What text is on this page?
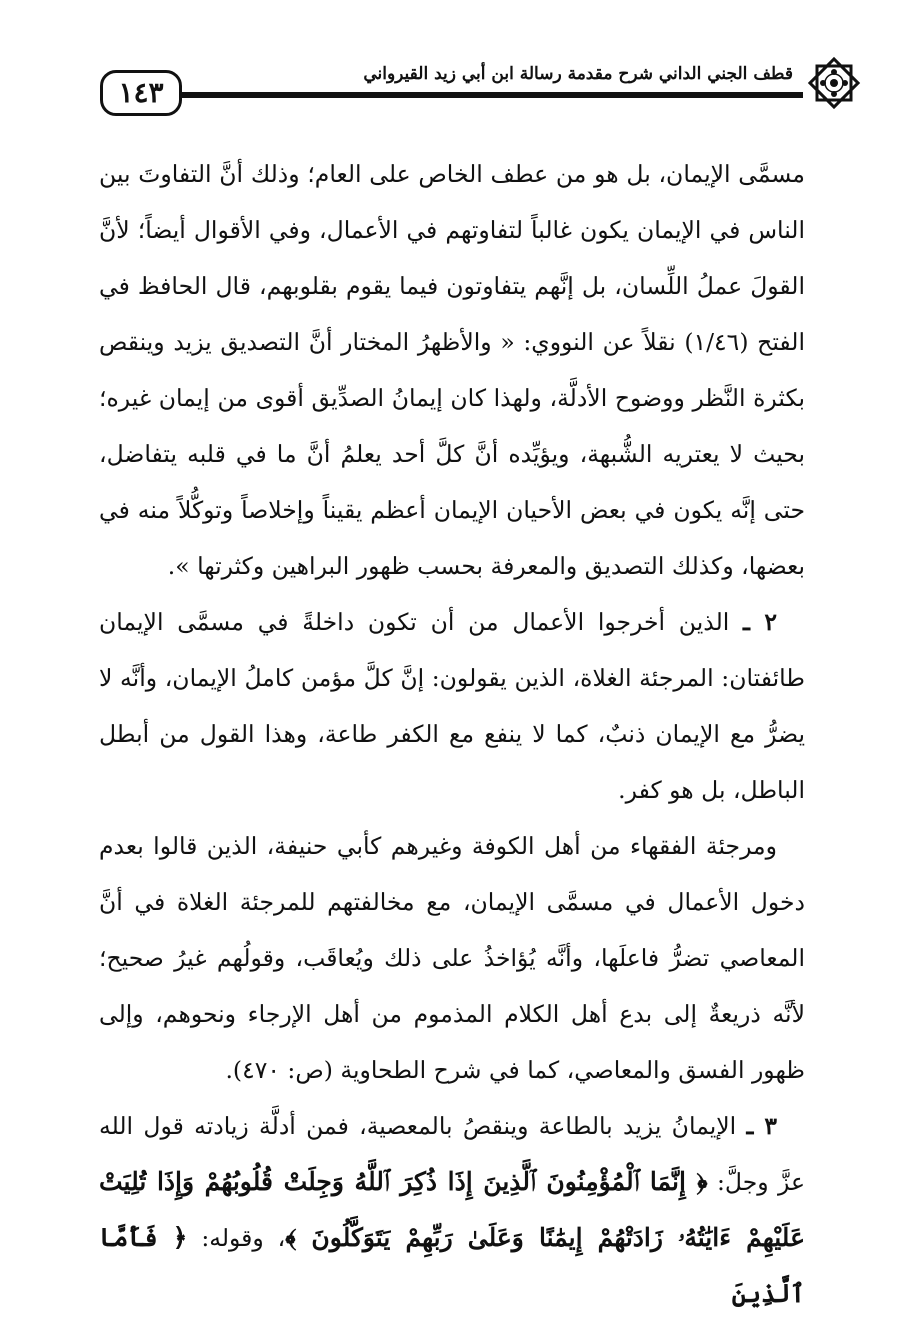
قطف الجني الداني شرح مقدمة رسالة ابن أبي زيد القيرواني
١٤٣

مسمَّى الإيمان، بل هو من عطف الخاص على العام؛ وذلك أنَّ التفاوتَ بين الناس في الإيمان يكون غالباً لتفاوتهم في الأعمال، وفي الأقوال أيضاً؛ لأنَّ القولَ عملُ اللِّسان، بل إنَّهم يتفاوتون فيما يقوم بقلوبهم، قال الحافظ في الفتح (١/٤٦) نقلاً عن النووي: « والأظهرُ المختار أنَّ التصديق يزيد وينقص بكثرة النَّظر ووضوح الأدلَّة، ولهذا كان إيمانُ الصدِّيق أقوى من إيمان غيره؛ بحيث لا يعتريه الشُّبهة، ويؤيِّده أنَّ كلَّ أحد يعلمُ أنَّ ما في قلبه يتفاضل، حتى إنَّه يكون في بعض الأحيان الإيمان أعظم يقيناً وإخلاصاً وتوكُّلاً منه في بعضها، وكذلك التصديق والمعرفة بحسب ظهور البراهين وكثرتها ».

٢ ـ الذين أخرجوا الأعمال من أن تكون داخلةً في مسمَّى الإيمان طائفتان: المرجئة الغلاة، الذين يقولون: إنَّ كلَّ مؤمن كاملُ الإيمان، وأنَّه لا يضرُّ مع الإيمان ذنبٌ، كما لا ينفع مع الكفر طاعة، وهذا القول من أبطل الباطل، بل هو كفر.

ومرجئة الفقهاء من أهل الكوفة وغيرهم كأبي حنيفة، الذين قالوا بعدم دخول الأعمال في مسمَّى الإيمان، مع مخالفتهم للمرجئة الغلاة في أنَّ المعاصي تضرُّ فاعلَها، وأنَّه يُؤاخذُ على ذلك ويُعاقَب، وقولُهم غيرُ صحيح؛ لأنَّه ذريعةٌ إلى بدع أهل الكلام المذموم من أهل الإرجاء ونحوهم، وإلى ظهور الفسق والمعاصي، كما في شرح الطحاوية (ص: ٤٧٠).

٣ ـ الإيمانُ يزيد بالطاعة وينقصُ بالمعصية، فمن أدلَّة زيادته قول الله عزَّ وجلَّ: ﴿ إِنَّمَا ٱلْمُؤْمِنُونَ ٱلَّذِينَ إِذَا ذُكِرَ ٱللَّهُ وَجِلَتْ قُلُوبُهُمْ وَإِذَا تُلِيَتْ عَلَيْهِمْ ءَايَٰتُهُۥ زَادَتْهُمْ إِيمَٰنًا وَعَلَىٰ رَبِّهِمْ يَتَوَكَّلُونَ ﴾، وقوله: ﴿ فَأَمَّا ٱلَّذِينَ
